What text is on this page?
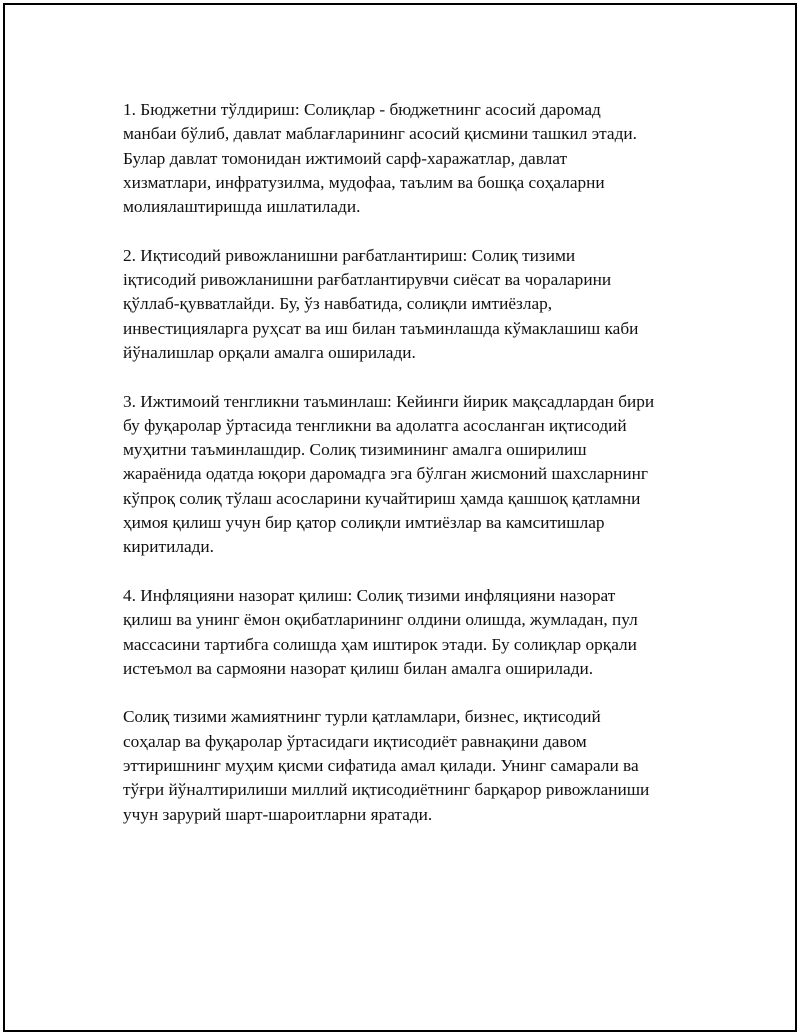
1. Бюджетни тўлдириш: Солиқлар - бюджетнинг асосий даромад
манбаи бўлиб, давлат маблағларининг асосий қисмини ташкил этади.
Булар давлат томонидан ижтимоий сарф-харажатлар, давлат
хизматлари, инфратузилма, мудофаа, таълим ва бошқа соҳаларни
молиялаштиришда ишлатилади.

2. Иқтисодий ривожланишни рағбатлантириш: Солиқ тизими
iқтисодий ривожланишни рағбатлантирувчи сиёсат ва чораларини
қўллаб-қувватлайди. Бу, ўз навбатида, солиқли имтиёзлар,
инвестицияларга руҳсат ва иш билан таъминлашда кўмаклашиш каби
йўналишлар орқали амалга оширилади.

3. Ижтимоий тенгликни таъминлаш: Кейинги йирик мақсадлардан бири
бу фуқаролар ўртасида тенгликни ва адолатга асосланган иқтисодий
муҳитни таъминлашдир. Солиқ тизимининг амалга оширилиш
жараёнида одатда юқори даромадга эга бўлган жисмоний шахсларнинг
кўпроқ солиқ тўлаш асосларини кучайтириш ҳамда қашшоқ қатламни
ҳимоя қилиш учун бир қатор солиқли имтиёзлар ва камситишлар
киритилади.

4. Инфляцияни назорат қилиш: Солиқ тизими инфляцияни назорат
қилиш ва унинг ёмон оқибатларининг олдини олишда, жумладан, пул
массасини тартибга солишда ҳам иштирок этади. Бу солиқлар орқали
истеъмол ва сармояни назорат қилиш билан амалга оширилади.

Солиқ тизими жамиятнинг турли қатламлари, бизнес, иқтисодий
соҳалар ва фуқаролар ўртасидаги иқтисодиёт равнақини давом
эттиришнинг муҳим қисми сифатида амал қилади. Унинг самарали ва
тўғри йўналтирилиши миллий иқтисодиётнинг барқарор ривожланиши
учун зарурий шарт-шароитларни яратади.
